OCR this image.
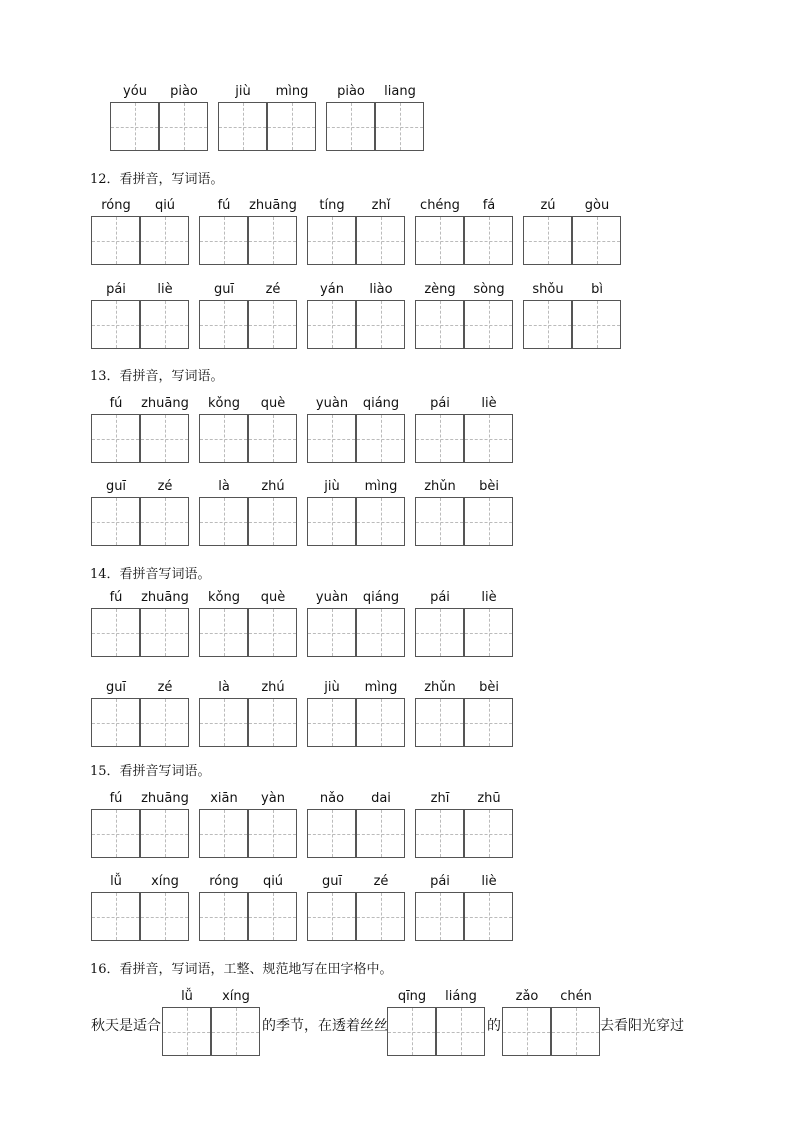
yóu	piào	jiù	mìng	piào	liang
12．看拼音，写词语。
róng	qiú	fú	zhuāng	tíng	zhǐ	chéng	fá	zú	gòu
pái	liè	guī	zé	yán	liào	zèng	sòng	shǒu	bì
13．看拼音，写词语。
fú	zhuāng	kǒng	què	yuàn	qiáng	pái	liè
guī	zé	là	zhú	jiù	mìng	zhǔn	bèi
14．看拼音写词语。
fú	zhuāng	kǒng	què	yuàn	qiáng	pái	liè
guī	zé	là	zhú	jiù	mìng	zhǔn	bèi
15．看拼音写词语。
fú	zhuāng	xiān	yàn	nǎo	dai	zhī	zhū
lǚ	xíng	róng	qiú	guī	zé	pái	liè
16．看拼音，写词语，工整、规范地写在田字格中。
秋天是适合
lǚ	xíng
的季节，在透着丝丝
qīng	liáng
的
zǎo	chén
去看阳光穿过
